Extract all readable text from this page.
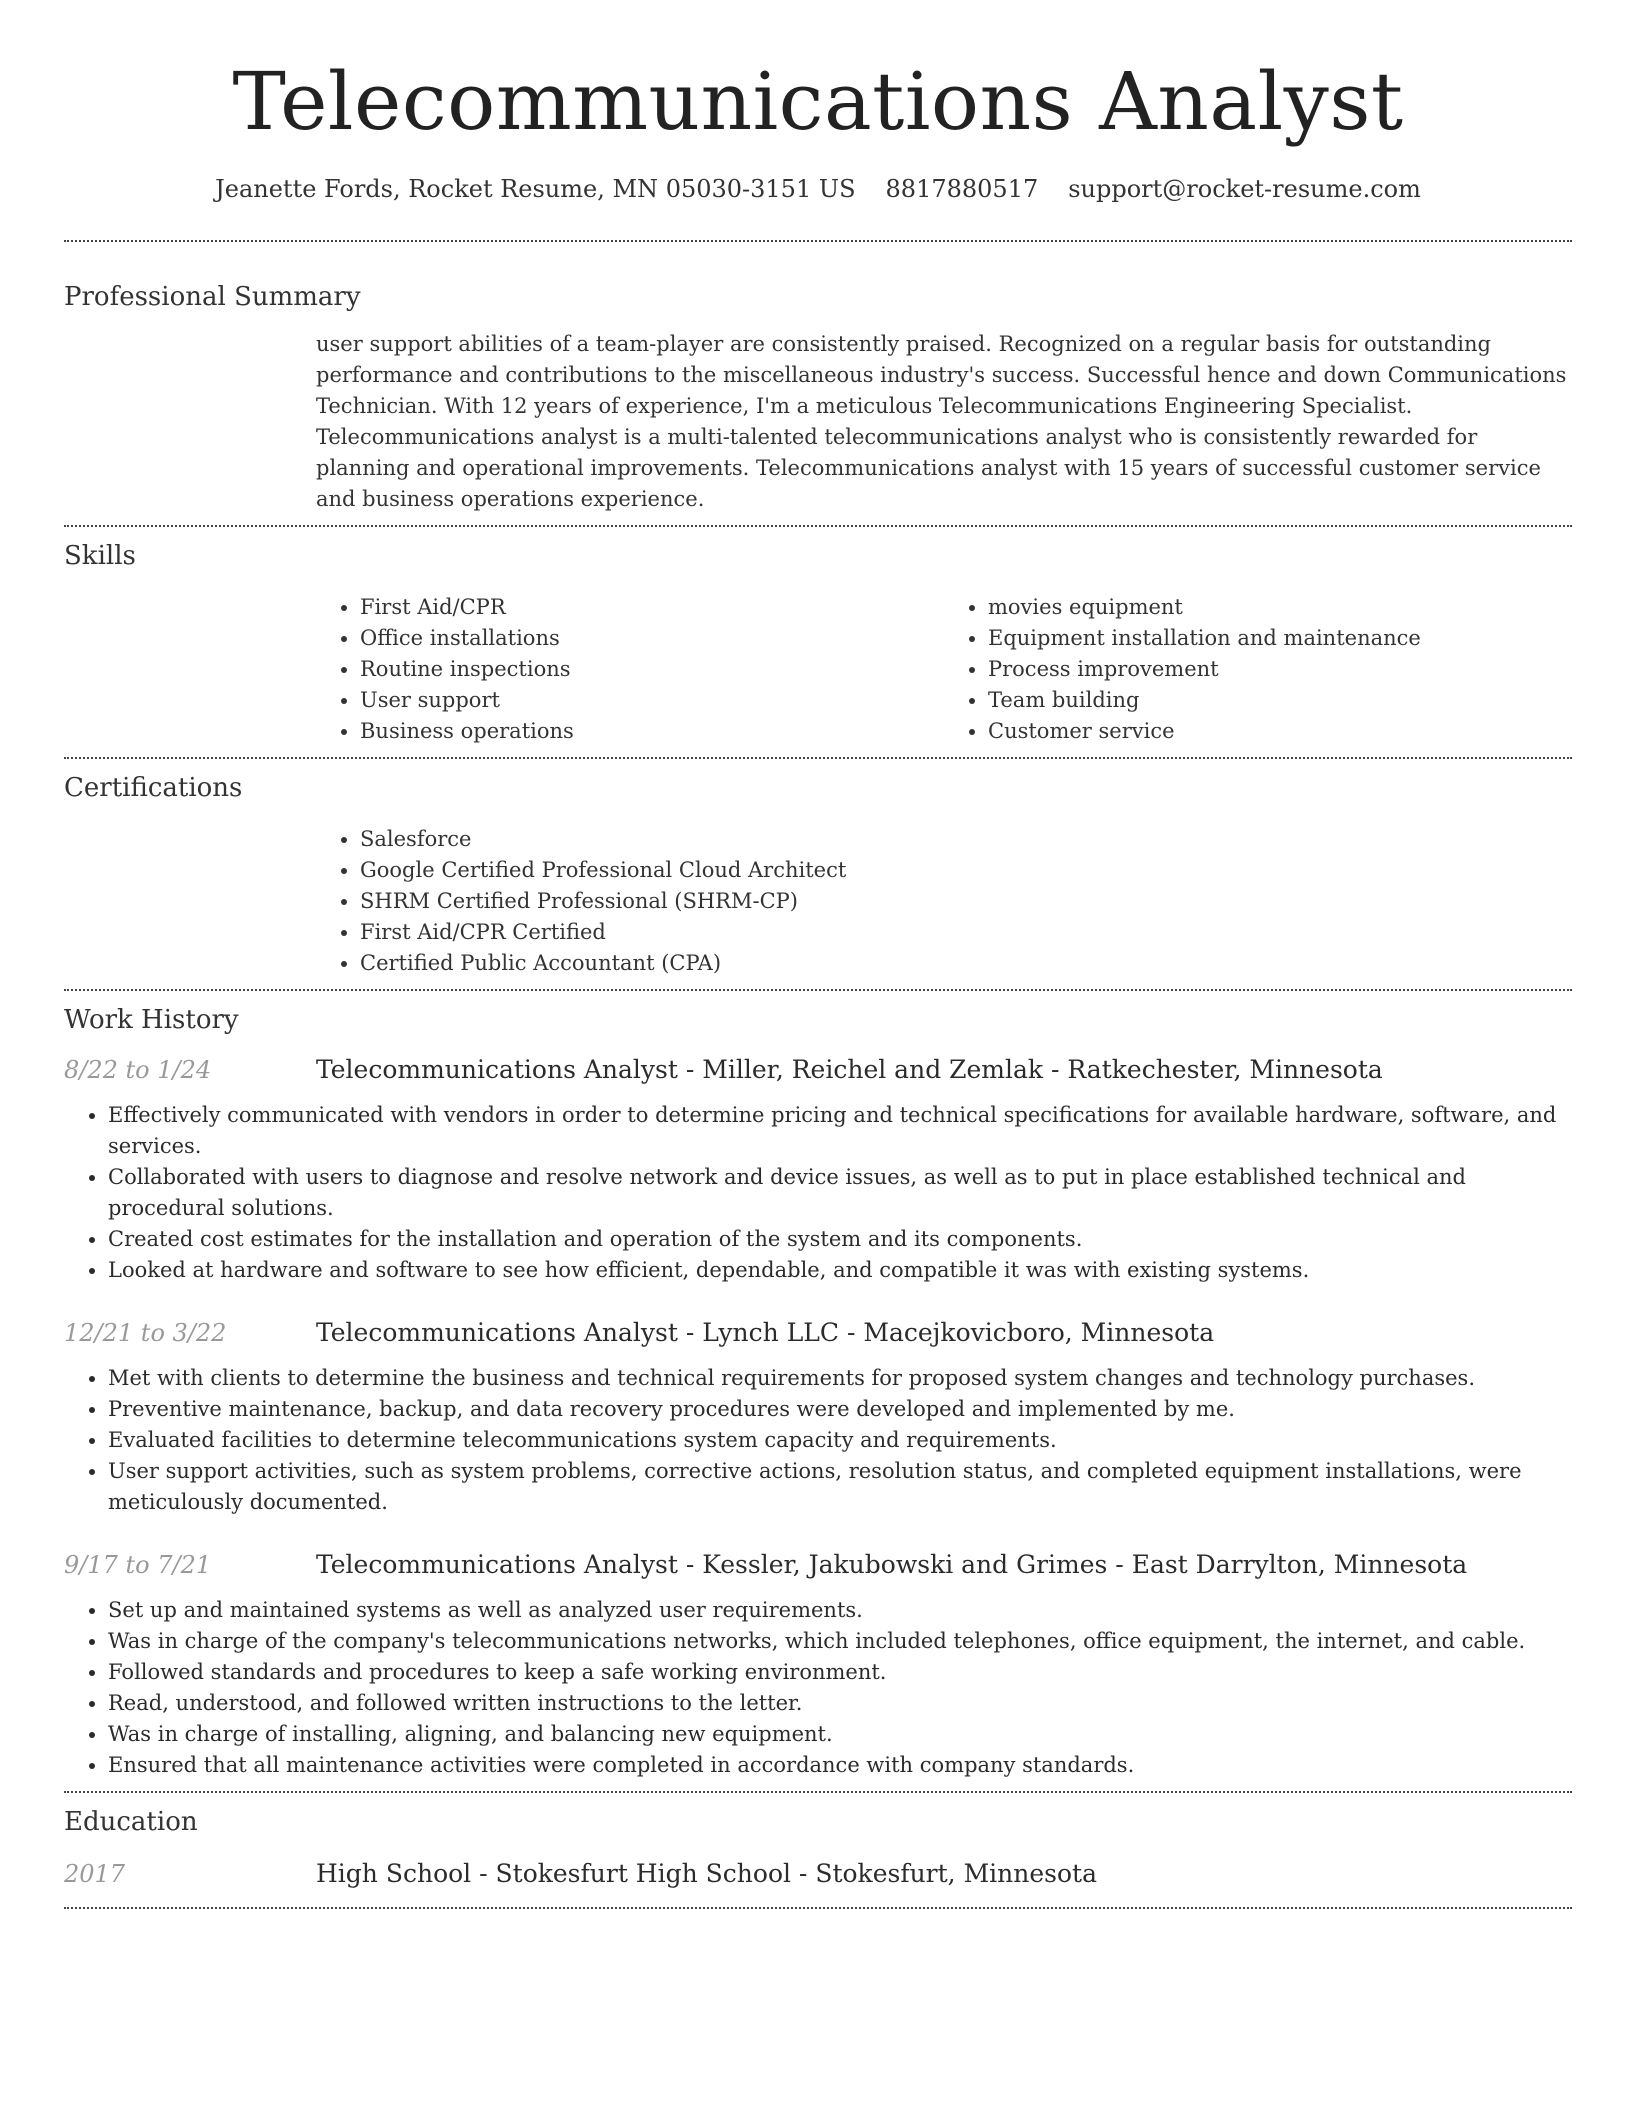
Telecommunications Analyst
Jeanette Fords, Rocket Resume, MN 05030-3151 US 8817880517 support@rocket-resume.com
Professional Summary

user support abilities of a team-player are consistently praised. Recognized on a regular basis for outstanding performance and contributions to the miscellaneous industry's success. Successful hence and down Communications Technician. With 12 years of experience, I'm a meticulous Telecommunications Engineering Specialist. Telecommunications analyst is a multi-talented telecommunications analyst who is consistently rewarded for planning and operational improvements. Telecommunications analyst with 15 years of successful customer service and business operations experience.

Skills
• First Aid/CPR
• Office installations
• Routine inspections
• User support
• Business operations
• movies equipment
• Equipment installation and maintenance
• Process improvement
• Team building
• Customer service
Certifications
• Salesforce
• Google Certified Professional Cloud Architect
• SHRM Certified Professional (SHRM-CP)
• First Aid/CPR Certified
• Certified Public Accountant (CPA)
Work History
8/22 to 1/24	Telecommunications Analyst - Miller, Reichel and Zemlak - Ratkechester, Minnesota
• Effectively communicated with vendors in order to determine pricing and technical specifications for available hardware, software, and services.
• Collaborated with users to diagnose and resolve network and device issues, as well as to put in place established technical and procedural solutions.
• Created cost estimates for the installation and operation of the system and its components.
• Looked at hardware and software to see how efficient, dependable, and compatible it was with existing systems.
12/21 to 3/22	Telecommunications Analyst - Lynch LLC - Macejkovicboro, Minnesota
• Met with clients to determine the business and technical requirements for proposed system changes and technology purchases.
• Preventive maintenance, backup, and data recovery procedures were developed and implemented by me.
• Evaluated facilities to determine telecommunications system capacity and requirements.
• User support activities, such as system problems, corrective actions, resolution status, and completed equipment installations, were meticulously documented.
9/17 to 7/21	Telecommunications Analyst - Kessler, Jakubowski and Grimes - East Darrylton, Minnesota
• Set up and maintained systems as well as analyzed user requirements.
• Was in charge of the company's telecommunications networks, which included telephones, office equipment, the internet, and cable.
• Followed standards and procedures to keep a safe working environment.
• Read, understood, and followed written instructions to the letter.
• Was in charge of installing, aligning, and balancing new equipment.
• Ensured that all maintenance activities were completed in accordance with company standards.
Education
2017	High School - Stokesfurt High School - Stokesfurt, Minnesota
